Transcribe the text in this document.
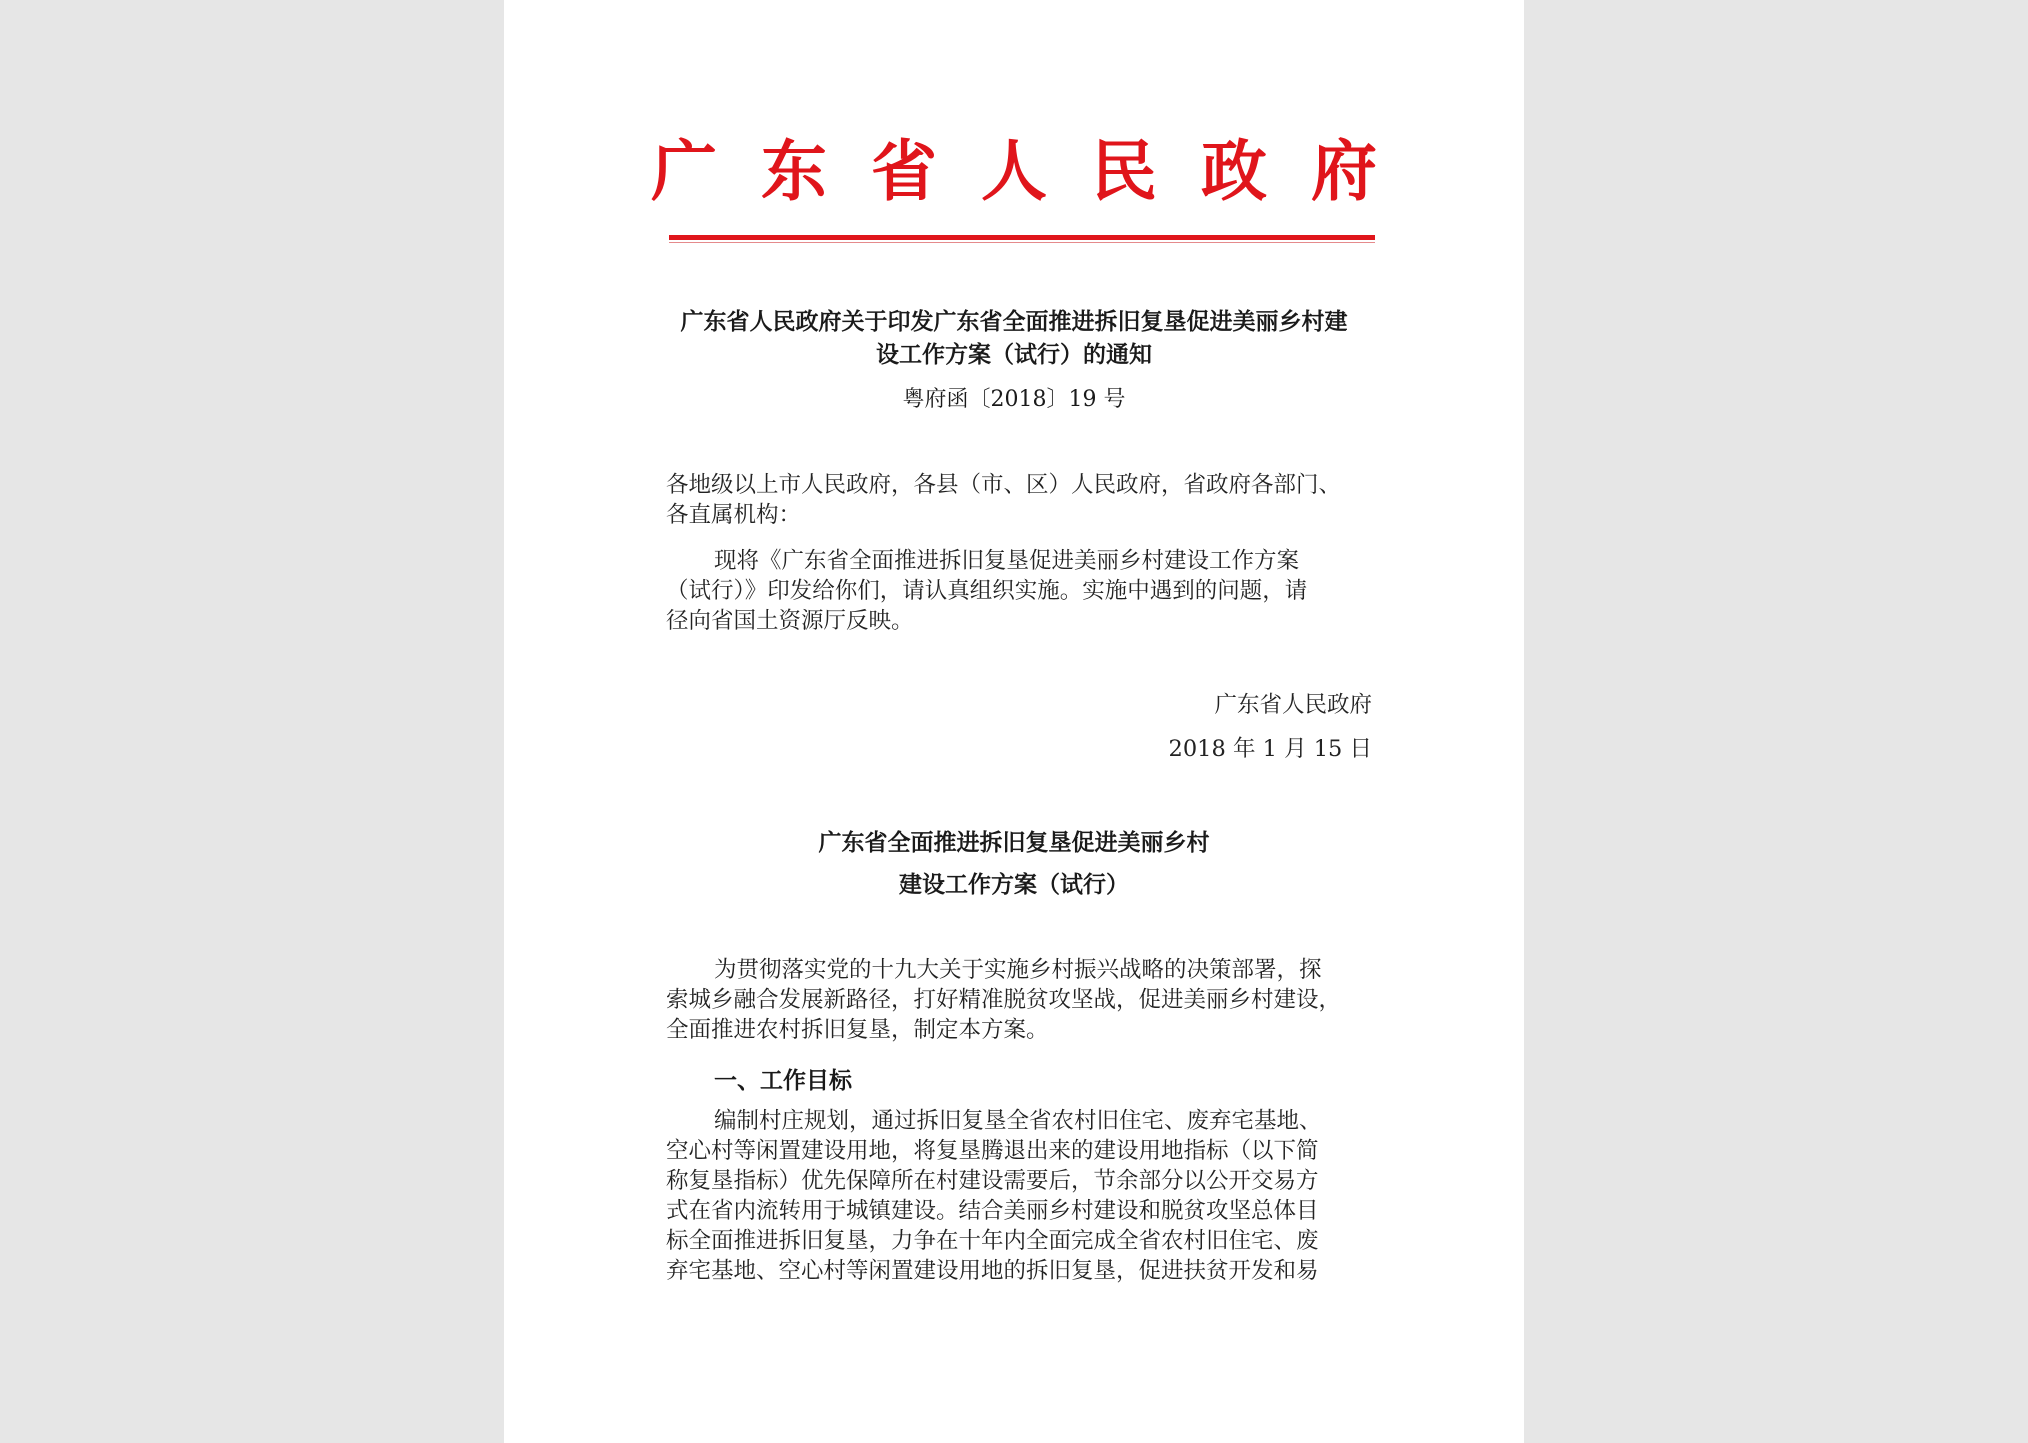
广东省人民政府
广东省人民政府关于印发广东省全面推进拆旧复垦促进美丽乡村建
设工作方案（试行）的通知
粤府函〔2018〕19 号
各地级以上市人民政府，各县（市、区）人民政府，省政府各部门、
各直属机构：
现将《广东省全面推进拆旧复垦促进美丽乡村建设工作方案
（试行）》印发给你们，请认真组织实施。实施中遇到的问题，请
径向省国土资源厅反映。
广东省人民政府
2018 年 1 月 15 日
广东省全面推进拆旧复垦促进美丽乡村
建设工作方案（试行）
为贯彻落实党的十九大关于实施乡村振兴战略的决策部署，探
索城乡融合发展新路径，打好精准脱贫攻坚战，促进美丽乡村建设，
全面推进农村拆旧复垦，制定本方案。
一、工作目标
编制村庄规划，通过拆旧复垦全省农村旧住宅、废弃宅基地、
空心村等闲置建设用地，将复垦腾退出来的建设用地指标（以下简
称复垦指标）优先保障所在村建设需要后，节余部分以公开交易方
式在省内流转用于城镇建设。结合美丽乡村建设和脱贫攻坚总体目
标全面推进拆旧复垦，力争在十年内全面完成全省农村旧住宅、废
弃宅基地、空心村等闲置建设用地的拆旧复垦，促进扶贫开发和易
